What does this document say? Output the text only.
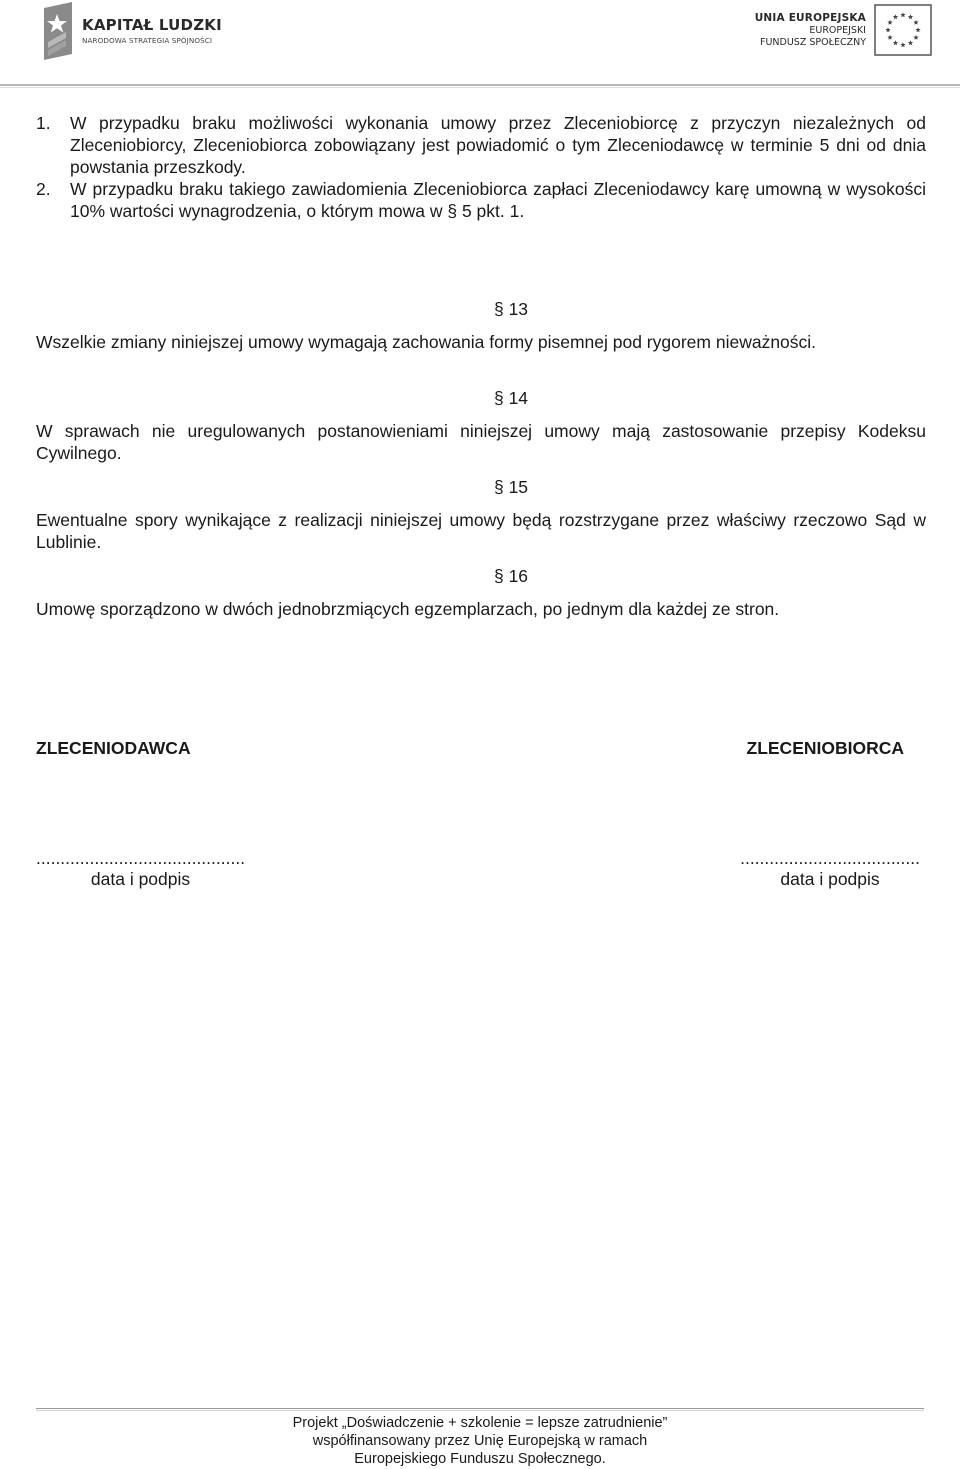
KAPITAŁ LUDZKI
NARODOWA STRATEGIA SPÓJNOŚCI
UNIA EUROPEJSKA
EUROPEJSKI
FUNDUSZ SPOŁECZNY
1.	W przypadku braku możliwości wykonania umowy przez Zleceniobiorcę z przyczyn niezależnych od Zleceniobiorcy, Zleceniobiorca zobowiązany jest powiadomić o tym Zleceniodawcę w terminie 5 dni od dnia powstania przeszkody.
2.	W przypadku braku takiego zawiadomienia Zleceniobiorca zapłaci Zleceniodawcy karę umowną w wysokości 10% wartości wynagrodzenia, o którym mowa w § 5 pkt. 1.
§ 13
Wszelkie zmiany niniejszej umowy wymagają zachowania formy pisemnej pod rygorem nieważności.
§ 14
W sprawach nie uregulowanych postanowieniami niniejszej umowy mają zastosowanie przepisy Kodeksu Cywilnego.
§ 15
Ewentualne spory wynikające z realizacji niniejszej umowy będą rozstrzygane przez właściwy rzeczowo Sąd w Lublinie.
§ 16
Umowę sporządzono w dwóch jednobrzmiących egzemplarzach, po jednym dla każdej ze stron.
ZLECENIODAWCA	ZLECENIOBIORCA
...........................................
data i podpis
.....................................
data i podpis
Projekt „Doświadczenie + szkolenie = lepsze zatrudnienie”
współfinansowany przez Unię Europejską w ramach
Europejskiego Funduszu Społecznego.
